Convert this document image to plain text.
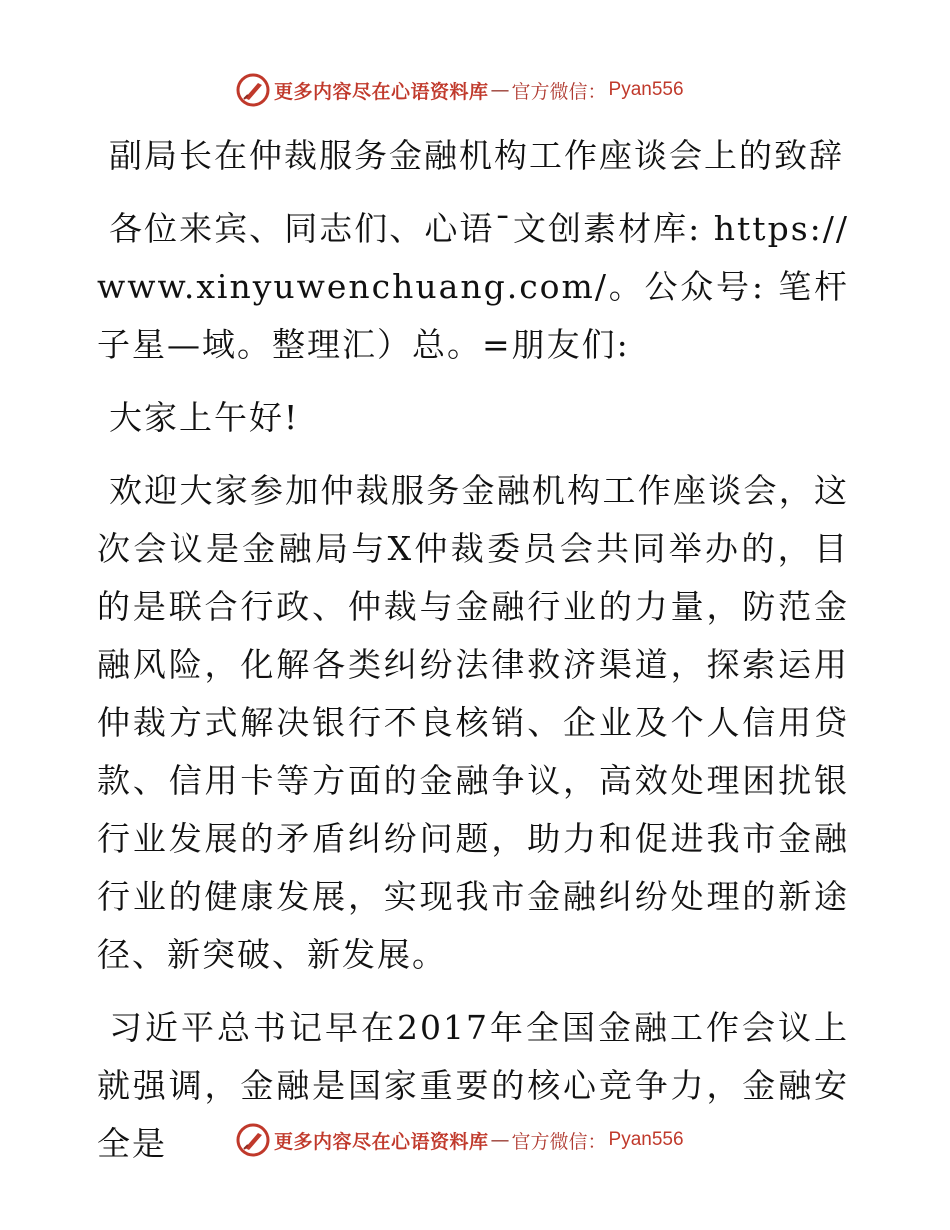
更多内容尽在心语资料库 — 官方微信： Pyan556
副局长在仲裁服务金融机构工作座谈会上的致辞

各位来宾、同志们、心语¯文创素材库: https://www.xinyuwenchuang.com/。公众号: 笔杆子星—域。整理汇）总。=朋友们:

大家上午好!

欢迎大家参加仲裁服务金融机构工作座谈会，这次会议是金融局与X仲裁委员会共同举办的，目的是联合行政、仲裁与金融行业的力量，防范金融风险，化解各类纠纷法律救济渠道，探索运用仲裁方式解决银行不良核销、企业及个人信用贷款、信用卡等方面的金融争议，高效处理困扰银行业发展的矛盾纠纷问题，助力和促进我市金融行业的健康发展，实现我市金融纠纷处理的新途径、新突破、新发展。

习近平总书记早在2017年全国金融工作会议上就强调，金融是国家重要的核心竞争力，金融安全是	更多内容尽在心语资料库 — 官方微信： Pyan556
